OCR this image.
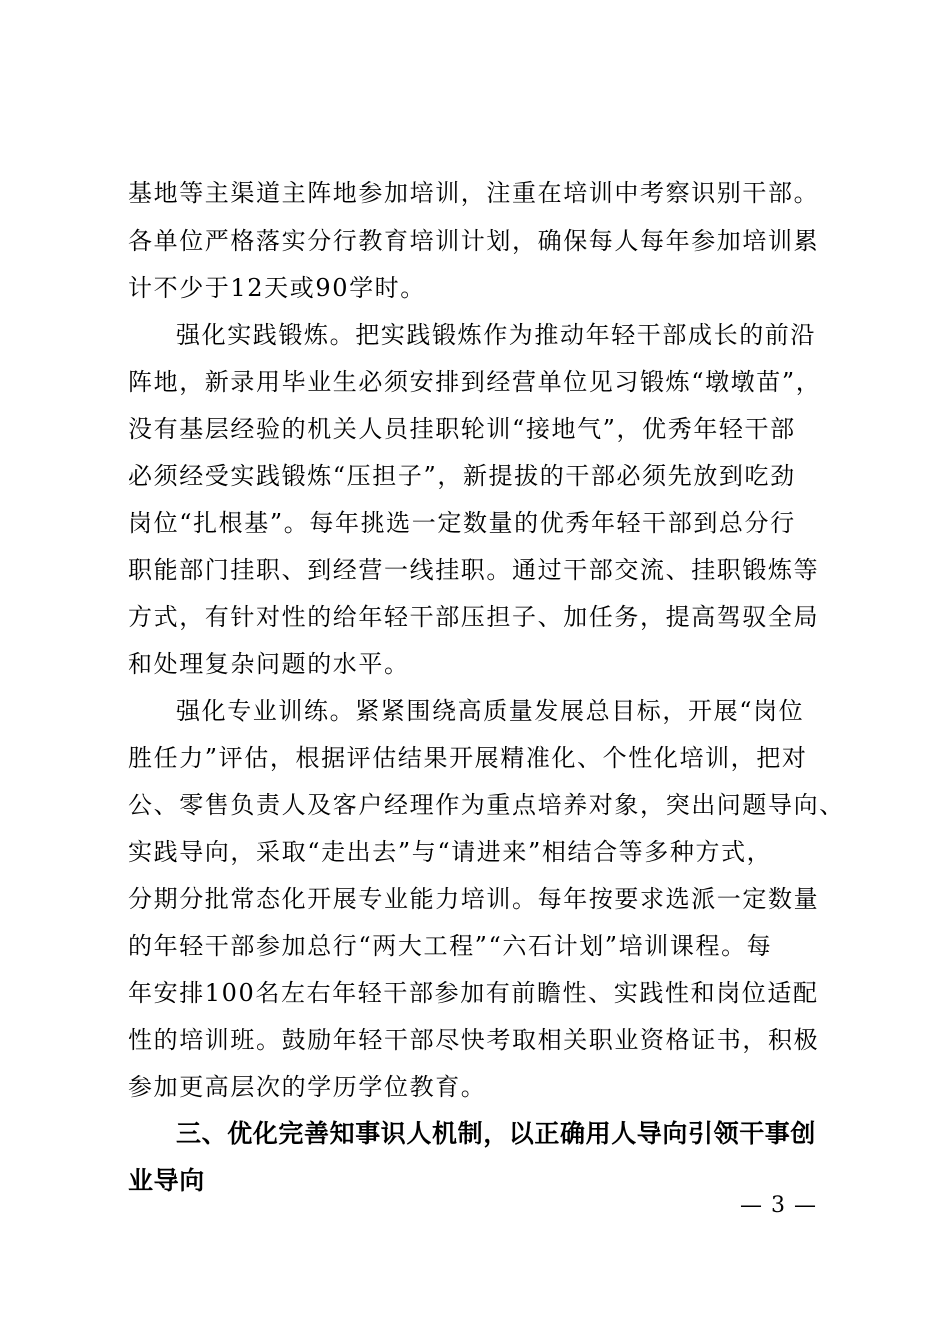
基地等主渠道主阵地参加培训，注重在培训中考察识别干部。
各单位严格落实分行教育培训计划，确保每人每年参加培训累
计不少于12天或90学时。
强化实践锻炼。把实践锻炼作为推动年轻干部成长的前沿
阵地，新录用毕业生必须安排到经营单位见习锻炼“墩墩苗”，
没有基层经验的机关人员挂职轮训“接地气”，优秀年轻干部
必须经受实践锻炼“压担子”，新提拔的干部必须先放到吃劲
岗位“扎根基”。每年挑选一定数量的优秀年轻干部到总分行
职能部门挂职、到经营一线挂职。通过干部交流、挂职锻炼等
方式，有针对性的给年轻干部压担子、加任务，提高驾驭全局
和处理复杂问题的水平。
强化专业训练。紧紧围绕高质量发展总目标，开展“岗位
胜任力”评估，根据评估结果开展精准化、个性化培训，把对
公、零售负责人及客户经理作为重点培养对象，突出问题导向、
实践导向，采取“走出去”与“请进来”相结合等多种方式，
分期分批常态化开展专业能力培训。每年按要求选派一定数量
的年轻干部参加总行“两大工程”“六石计划”培训课程。每
年安排100名左右年轻干部参加有前瞻性、实践性和岗位适配
性的培训班。鼓励年轻干部尽快考取相关职业资格证书，积极
参加更高层次的学历学位教育。
三、优化完善知事识人机制，以正确用人导向引领干事创
业导向
— 3 —
